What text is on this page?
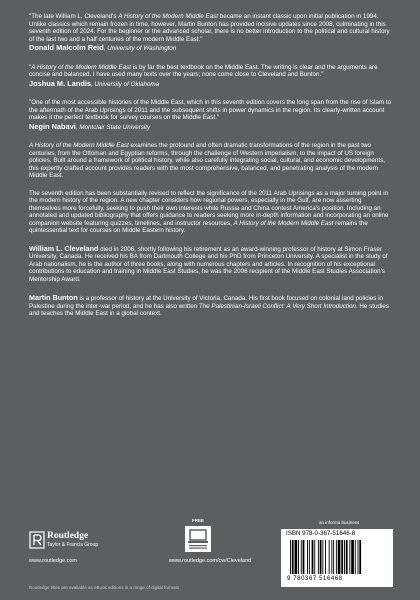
"The late William L. Cleveland's A History of the Modern Middle East became an instant classic upon initial publication in 1994. Unlike classics which remain frozen in time, however, Martin Bunton has provided incisive updates since 2008, culminating in this seventh edition of 2024. For the beginner or the advanced scholar, there is no better introduction to the political and cultural history of the last two and a half centuries of the modern Middle East."

Donald Malcolm Reid, University of Washington

"A History of the Modern Middle East is by far the best textbook on the Middle East. The writing is clear and the arguments are concise and balanced. I have used many texts over the years; none come close to Cleveland and Bunton."

Joshua M. Landis, University of Oklahoma

"One of the most accessible histories of the Middle East, which in this seventh edition covers the long span from the rise of Islam to the aftermath of the Arab Uprisings of 2011 and the subsequent shifts in power dynamics in the region. Its clearly-written account makes it the perfect textbook for survey courses on the Middle East."

Negin Nabavi, Montclair State University

A History of the Modern Middle East examines the profound and often dramatic transformations of the region in the past two centuries, from the Ottoman and Egyptian reforms, through the challenge of Western imperialism, to the impact of US foreign policies. Built around a framework of political history, while also carefully integrating social, cultural, and economic developments, this expertly crafted account provides readers with the most comprehensive, balanced, and penetrating analysis of the modern Middle East.

The seventh edition has been substantially revised to reflect the significance of the 2011 Arab Uprisings as a major turning point in the modern history of the region. A new chapter considers how regional powers, especially in the Gulf, are now asserting themselves more forcefully, seeking to push their own interests while Russia and China contest America's position. Including an annotated and updated bibliography that offers guidance to readers seeking more in-depth information and incorporating an online companion website featuring quizzes, timelines, and instructor resources, A History of the Modern Middle East remains the quintessential text for courses on Middle Eastern history.

William L. Cleveland died in 2006, shortly following his retirement as an award-winning professor of history at Simon Fraser University, Canada. He received his BA from Dartmouth College and his PhD from Princeton University. A specialist in the study of Arab nationalism, he is the author of three books, along with numerous chapters and articles. In recognition of his exceptional contributions to education and training in Middle East Studies, he was the 2006 recipient of the Middle East Studies Association's Mentorship Award.

Martin Bunton is a professor of history at the University of Victoria, Canada. His first book focused on colonial land policies in Palestine during the inter-war period, and he has also written The Palestinian-Israeli Conflict: A Very Short Introduction. He studies and teaches the Middle East in a global context.

Routledge
Taylor & Francis Group
www.routledge.com
FREE
www.routledge.com/cw/Cleveland
an informa business
ISBN 978-0-367-51646-8
9 780367 516468
Routledge titles are available as eBook editions in a range of digital formats
